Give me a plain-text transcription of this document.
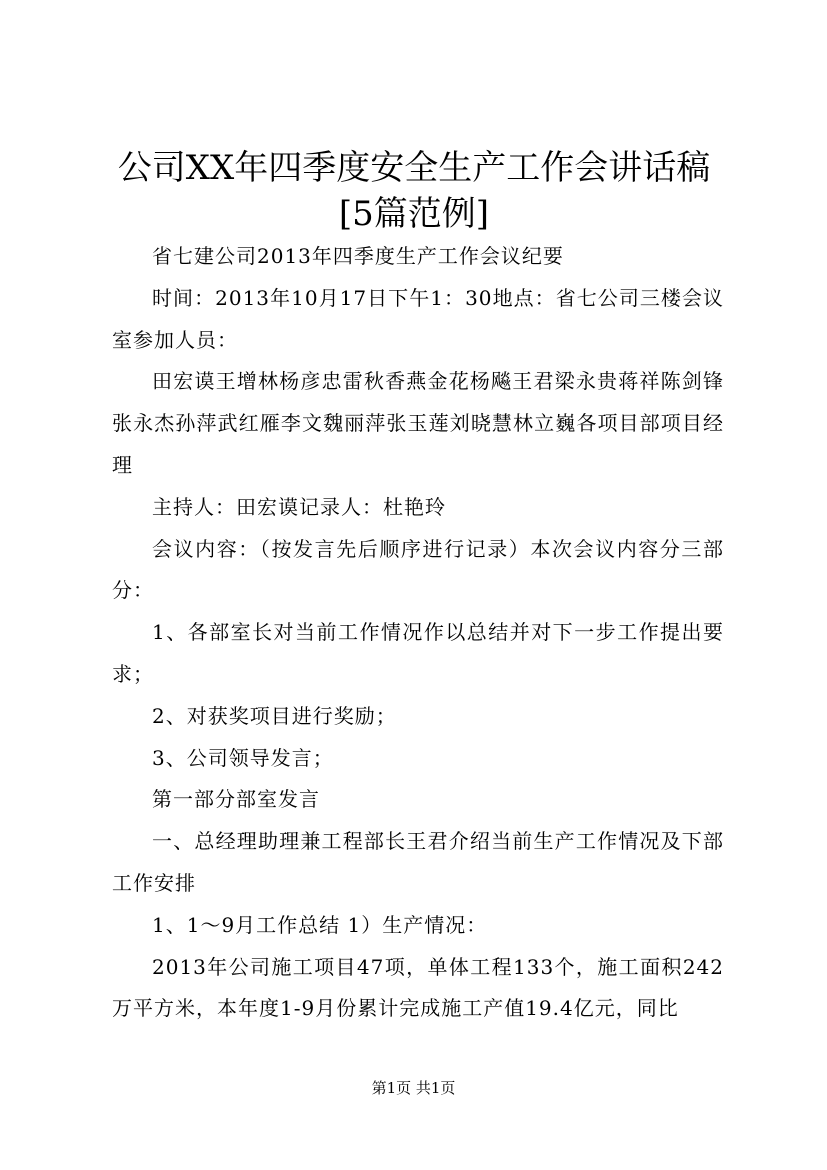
公司XX年四季度安全生产工作会讲话稿[5篇范例]

省七建公司2013年四季度生产工作会议纪要

时间：2013年10月17日下午1：30地点：省七公司三楼会议室参加人员：

田宏谟王增林杨彦忠雷秋香燕金花杨飚王君梁永贵蒋祥陈剑锋张永杰孙萍武红雁李文魏丽萍张玉莲刘晓慧林立巍各项目部项目经理

主持人：田宏谟记录人：杜艳玲

会议内容：（按发言先后顺序进行记录）本次会议内容分三部分：

1、各部室长对当前工作情况作以总结并对下一步工作提出要求；

2、对获奖项目进行奖励；

3、公司领导发言；

第一部分部室发言

一、总经理助理兼工程部长王君介绍当前生产工作情况及下部工作安排

1、1～9月工作总结 1）生产情况：

2013年公司施工项目47项，单体工程133个，施工面积242万平方米，本年度1-9月份累计完成施工产值19.4亿元，同比

第1页 共1页
